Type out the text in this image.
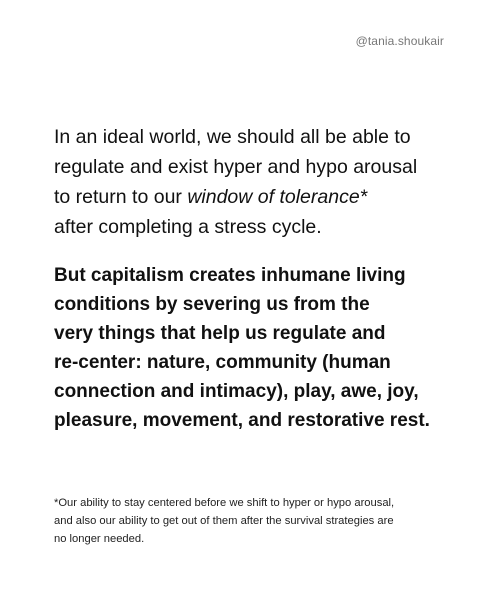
@tania.shoukair

In an ideal world, we should all be able to
regulate and exist hyper and hypo arousal
to return to our window of tolerance*
after completing a stress cycle.

But capitalism creates inhumane living
conditions by severing us from the
very things that help us regulate and
re-center: nature, community (human
connection and intimacy), play, awe, joy,
pleasure, movement, and restorative rest.

*Our ability to stay centered before we shift to hyper or hypo arousal,
and also our ability to get out of them after the survival strategies are
no longer needed.
